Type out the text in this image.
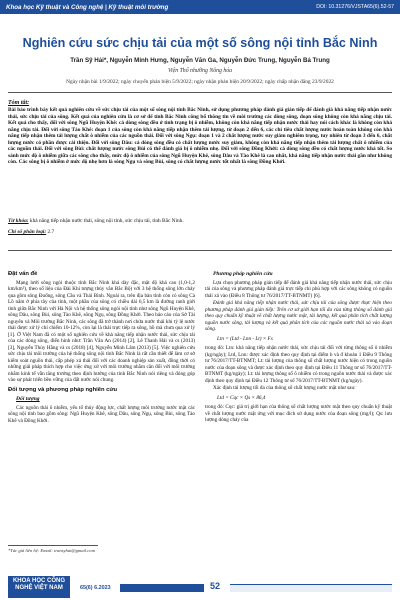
Khoa học Kỹ thuật và Công nghệ | Kỹ thuật môi trường	DOI: 10.31276/VJSTA65(6).52-57
Nghiên cứu sức chịu tải của một số sông nội tỉnh Bắc Ninh
Trần Sỹ Hải*, Nguyễn Minh Hưng, Nguyễn Văn Ga, Nguyễn Đức Trung, Nguyễn Bá Trung
Viện Thổ nhưỡng Nông hóa
Ngày nhận bài 1/9/2022; ngày chuyển phản biện 5/9/2022; ngày nhận phản biện 20/9/2022; ngày chấp nhận đăng 23/9/2022
Tóm tắt:
Bài báo trình bày kết quả nghiên cứu về sức chịu tải của một số sông nội tỉnh Bắc Ninh, sử dụng phương pháp đánh giá gián tiếp để đánh giá khả năng tiếp nhận nước thải, sức chịu tải của sông. Kết quả của nghiên cứu là cơ sở để tỉnh Bắc Ninh công bố thông tin về môi trường các dòng sông, đoạn sông không còn khả năng chịu tải. Kết quả cho thấy, đối với sông Ngũ Huyện Khê: cả dòng sông đều ở tình trạng bị ô nhiễm, không còn khả năng tiếp nhận nước thải hay nói cách khác là không còn khả năng chịu tải. Đối với sông Tào Khê: đoạn 1 của sông còn khả năng tiếp nhận thêm tải lượng, từ đoạn 2 đến 6, các chỉ tiêu chất lượng nước hoàn toàn không còn khả năng tiếp nhận thêm tải lượng chất ô nhiễm của các nguồn thải. Đối với sông Ngụ: đoạn 1 và 2 chất lượng nước suy giảm nghiêm trọng, tuy nhiên từ đoạn 3 đến 6, chất lượng nước có phần được cải thiện. Đối với sông Dâu: cả dòng sông đều có chất lượng nước suy giảm, không còn khả năng tiếp nhận thêm tải lượng chất ô nhiễm của các nguồn thải. Đối với sông Bùi: chất lượng nước sông Bùi có thể đánh giá bị ô nhiễm nhẹ. Đối với sông Đồng Khởi: cả dòng sông đều có chất lượng nước khá tốt. So sánh mức độ ô nhiễm giữa các sông cho thấy, mức độ ô nhiễm của sông Ngũ Huyện Khê, sông Dâu và Tào Khê là cao nhất, khả năng tiếp nhận nước thải gần như không còn. Các sông bị ô nhiễm ở mức độ nhẹ hơn là sông Ngụ và sông Bùi, sông có chất lượng nước tốt nhất là sông Đồng Khởi.
Từ khóa: khả năng tiếp nhận nước thải, sông nội tỉnh, sức chịu tải, tỉnh Bắc Ninh.
Chỉ số phân loại: 2.7
Đặt vấn đề

Mạng lưới sông ngòi thuộc tỉnh Bắc Ninh khá dày đặc, mật độ khá cao (1,0-1,2 km/km²), theo số liệu của Đài Khí tượng thủy văn Bắc Bộ) với 3 hệ thống sông lớn chảy qua gồm sông Đuống, sông Cầu và Thái Bình. Ngoài ra, trên địa bàn tỉnh còn có sông Cà Lồ nằm ở phía tây của tỉnh, một phần của sông có chiều dài 6,5 km là đường ranh giới tỉnh giữa Bắc Ninh với Hà Nội và hệ thống sông ngòi nội tỉnh như sông Ngũ Huyện Khê, sông Dâu, sông Bùi, sông Tào Khê, sông Ngụ, sông Đồng Khởi. Theo báo cáo của Sở Tài nguyên và Môi trường Bắc Ninh, các sông đã trở thành nơi chứa nước thải khi tỷ lệ nước thải được xử lý chỉ chiếm 10-12%, còn lại là thải trực tiếp ra sông, hồ mà chưa qua xử lý [1]. Ở Việt Nam đã có một số nghiên cứu về khả năng tiếp nhận nước thải, sức chịu tải của các dòng sông, điển hình như: Trần Văn An (2014) [2], Lê Thanh Hải và cs (2013) [3], Nguyễn Thùy Hằng và cs (2018) [4], Nguyễn Minh Lâm (2013) [5]. Việc nghiên cứu sức chịu tải môi trường của hệ thống sông nội tỉnh Bắc Ninh là rất cần thiết để làm cơ sở kiểm soát nguồn thải, cấp phép xả thải đối với các doanh nghiệp sản xuất, đồng thời có những giải pháp thích hợp cho việc ứng xử với môi trường nhằm cân đối với môi trường nhằm kinh tế vẫn tăng trưởng theo định hướng của tỉnh Bắc Ninh nói riêng và đóng góp vào sự phát triển bền vững của đất nước nói chung.

Đối tượng và phương pháp nghiên cứu
Đối tượng

Các nguồn thải ô nhiễm, yếu tố thủy động lực, chất lượng môi trường nước mặt các sông nội tỉnh bao gồm sông: Ngũ Huyện Khê, sông Dâu, sông Ngụ, sông Bùi, sông Tào Khê và Đồng Khởi.

Phương pháp nghiên cứu

Lựa chọn phương pháp gián tiếp để đánh giá khả năng tiếp nhận nước thải, sức chịu tải của sông và phương pháp đánh giá trực tiếp chi phù hợp với các sông không có nguồn thải xả vào (Điều 8 Thông tư 76/2017/TT-BTNMT) [6].

Đánh giá khả năng tiếp nhận nước thải, sức chịu tải của sông được thực hiện theo phương pháp đánh giá gián tiếp: Trên cơ sở giới hạn tối đa của từng thông số đánh giá theo quy chuẩn kỹ thuật về chất lượng nước mặt, tải lượng, kết quả phân tích chất lượng nguồn nước sông, tải lượng và kết quả phân tích của các nguồn nước thải xả vào đoạn sông.

Ltn = (Ltd - Lnn - Lt) × Fs

trong đó: Ltn: khả năng tiếp nhận nước thải, sức chịu tải đối với từng thông số ô nhiễm (kg/ngày); Ltd, Lnn: được xác định theo quy định tại điểm b và đ khoản 1 Điều 9 Thông tư 76/2017/TT-BTNMT; Lt: tải lượng của thông số chất lượng nước hiện có trong nguồn nước của đoạn sông và được xác định theo quy định tại Điều 11 Thông tư số 76/2017/TT-BTNMT (kg/ngày); Lt: tải lượng thông số ô nhiễm có trong nguồn nước thải và được xác định theo quy định tại Điều 12 Thông tư số 76/2017/TT-BTNMT (kg/ngày).

Xác định tải lượng tối đa của thông số chất lượng nước mặt như sau:

Ltd = Cqc × Qs × 86,4

trong đó: Cqc: giá trị giới hạn của thông số chất lượng nước mặt theo quy chuẩn kỹ thuật về chất lượng nước mặt ứng với mục đích sử dụng nước của đoạn sông (mg/l); Qs: lưu lượng dòng chảy của

*Tác giả liên hệ: Email: transyhai@gmail.com
KHOA HỌC CÔNG NGHỆ VIỆT NAM	65(6) 6.2023	52
